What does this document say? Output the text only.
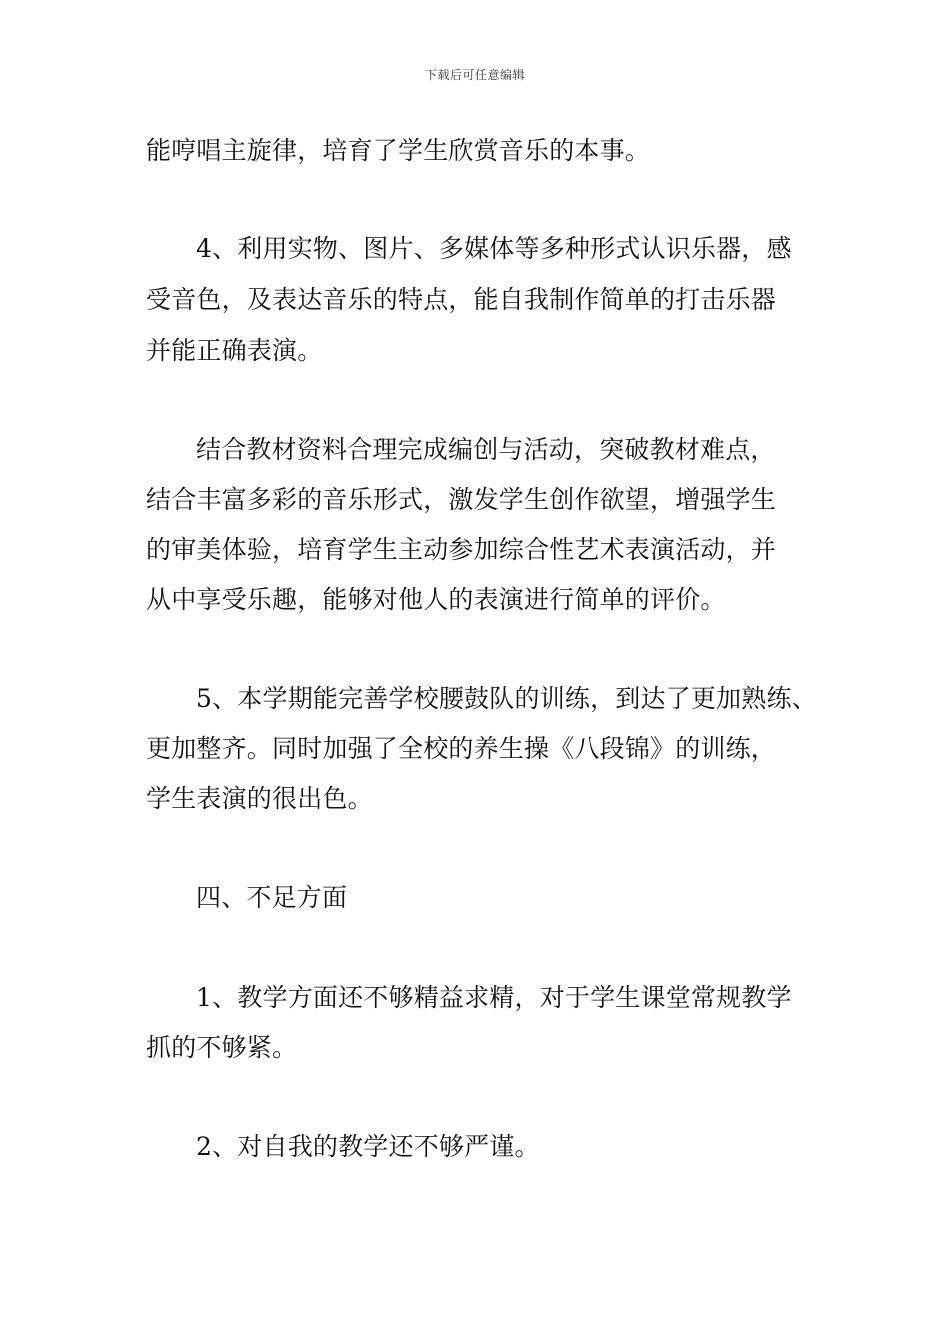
下载后可任意编辑
能哼唱主旋律，培育了学生欣赏音乐的本事。
4、利用实物、图片、多媒体等多种形式认识乐器，感
受音色，及表达音乐的特点，能自我制作简单的打击乐器
并能正确表演。
结合教材资料合理完成编创与活动，突破教材难点，
结合丰富多彩的音乐形式，激发学生创作欲望，增强学生
的审美体验，培育学生主动参加综合性艺术表演活动，并
从中享受乐趣，能够对他人的表演进行简单的评价。
5、本学期能完善学校腰鼓队的训练，到达了更加熟练、
更加整齐。同时加强了全校的养生操《八段锦》的训练，
学生表演的很出色。
四、不足方面
1、教学方面还不够精益求精，对于学生课堂常规教学
抓的不够紧。
2、对自我的教学还不够严谨。
